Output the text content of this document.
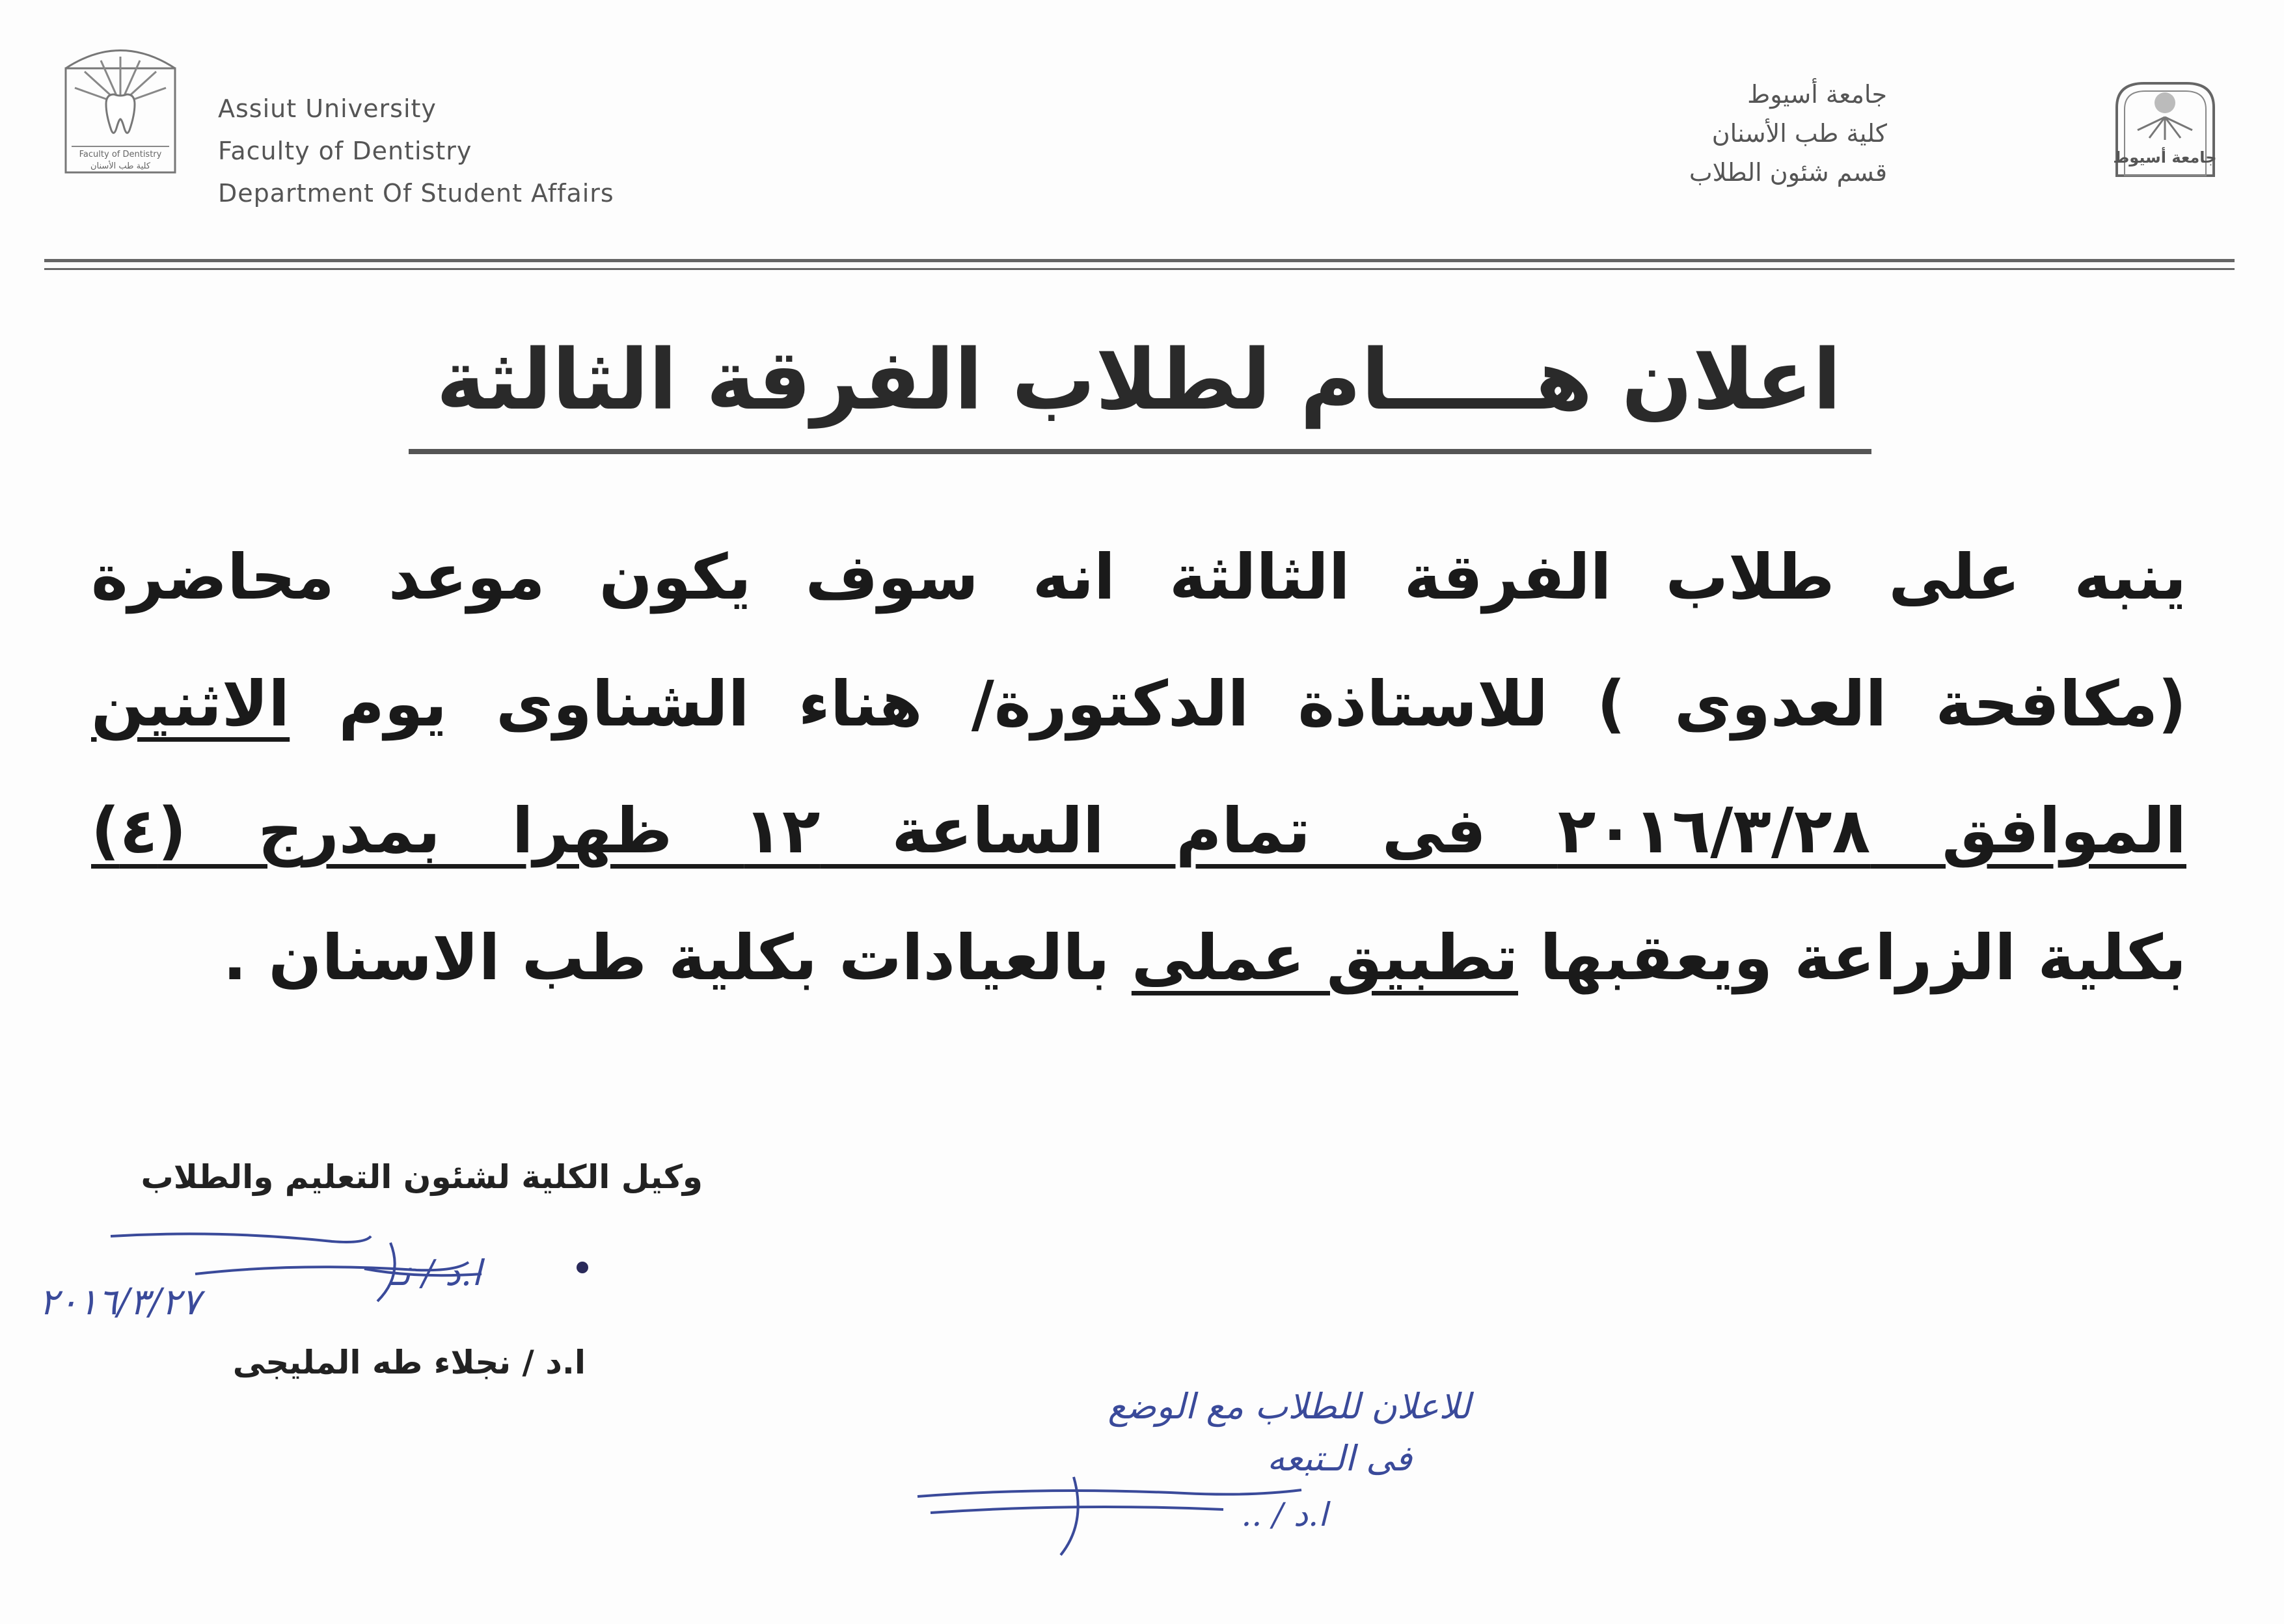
Faculty of Dentistry
كلية طب الأسنان
Assiut University
Faculty of Dentistry
Department Of Student Affairs
جامعة أسيوط
كلية طب الأسنان
قسم شئون الطلاب
جامعة أسيوط
اعلان هـــــام لطلاب الفرقة الثالثة
ينبه على طلاب الفرقة الثالثة انه سوف يكون موعد محاضرة
(مكافحة العدوى ) للاستاذة الدكتورة/ هناء الشناوى يوم الاثنين
الموافق ٢٠١٦/٣/٢٨ فى تمام الساعة ١٢ ظهرا بمدرج (٤)
بكلية الزراعة ويعقبها تطبيق عملى بالعيادات بكلية طب الاسنان .
وكيل الكلية لشئون التعليم والطلاب
٢٠١٦/٣/٢٧
ا.د / نـ
ا.د / نجلاء طه المليجى
للاعلان للطلاب مع الوضع
فى الـتبعه
ا.د / ..
